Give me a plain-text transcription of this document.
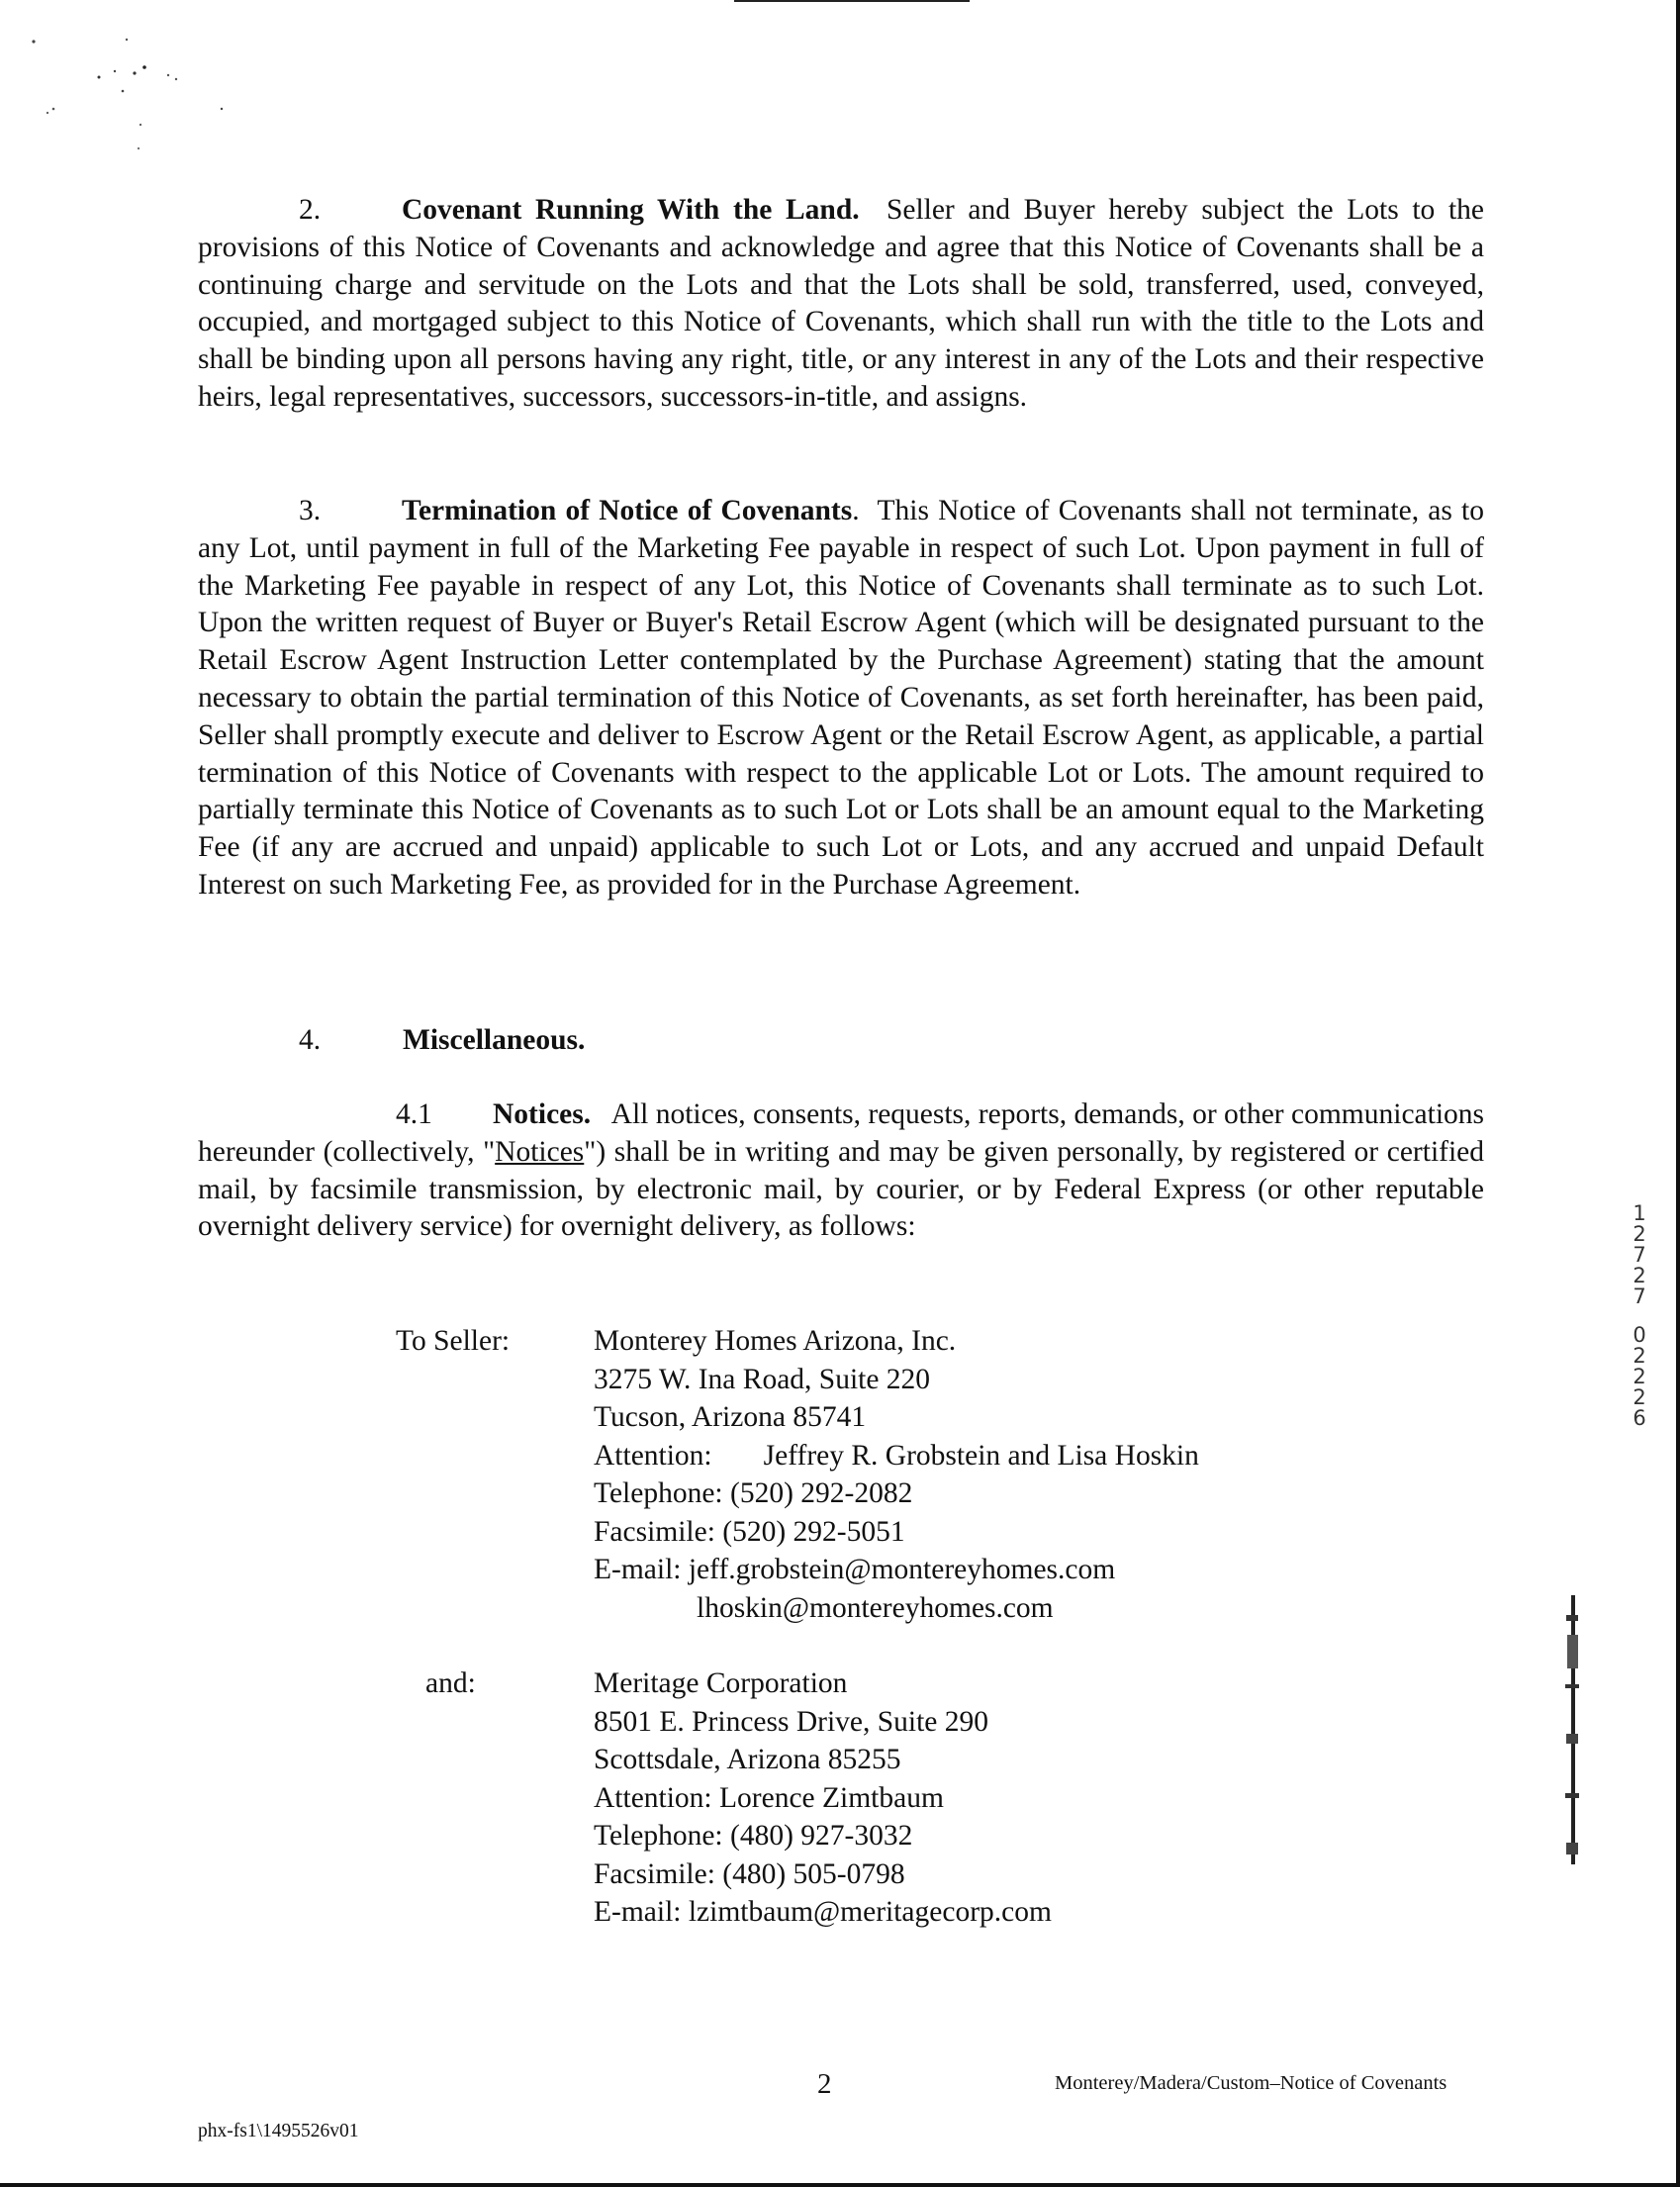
2.	Covenant Running With the Land. Seller and Buyer hereby subject the Lots to the provisions of this Notice of Covenants and acknowledge and agree that this Notice of Covenants shall be a continuing charge and servitude on the Lots and that the Lots shall be sold, transferred, used, conveyed, occupied, and mortgaged subject to this Notice of Covenants, which shall run with the title to the Lots and shall be binding upon all persons having any right, title, or any interest in any of the Lots and their respective heirs, legal representatives, successors, successors-in-title, and assigns.

3.	Termination of Notice of Covenants. This Notice of Covenants shall not terminate, as to any Lot, until payment in full of the Marketing Fee payable in respect of such Lot. Upon payment in full of the Marketing Fee payable in respect of any Lot, this Notice of Covenants shall terminate as to such Lot. Upon the written request of Buyer or Buyer's Retail Escrow Agent (which will be designated pursuant to the Retail Escrow Agent Instruction Letter contemplated by the Purchase Agreement) stating that the amount necessary to obtain the partial termination of this Notice of Covenants, as set forth hereinafter, has been paid, Seller shall promptly execute and deliver to Escrow Agent or the Retail Escrow Agent, as applicable, a partial termination of this Notice of Covenants with respect to the applicable Lot or Lots. The amount required to partially terminate this Notice of Covenants as to such Lot or Lots shall be an amount equal to the Marketing Fee (if any are accrued and unpaid) applicable to such Lot or Lots, and any accrued and unpaid Default Interest on such Marketing Fee, as provided for in the Purchase Agreement.

4.	Miscellaneous.

4.1 Notices. All notices, consents, requests, reports, demands, or other communications hereunder (collectively, "Notices") shall be in writing and may be given personally, by registered or certified mail, by facsimile transmission, by electronic mail, by courier, or by Federal Express (or other reputable overnight delivery service) for overnight delivery, as follows:

To Seller:	Monterey Homes Arizona, Inc.
3275 W. Ina Road, Suite 220
Tucson, Arizona 85741
Attention: Jeffrey R. Grobstein and Lisa Hoskin
Telephone: (520) 292-2082
Facsimile: (520) 292-5051
E-mail: jeff.grobstein@montereyhomes.com
lhoskin@montereyhomes.com
and:	Meritage Corporation
8501 E. Princess Drive, Suite 290
Scottsdale, Arizona 85255
Attention: Lorence Zimtbaum
Telephone: (480) 927-3032
Facsimile: (480) 505-0798
E-mail: lzimtbaum@meritagecorp.com
1
2
7
2
7
0
2
2
2
6
2	Monterey/Madera/Custom–Notice of Covenants
phx-fs1\1495526v01
